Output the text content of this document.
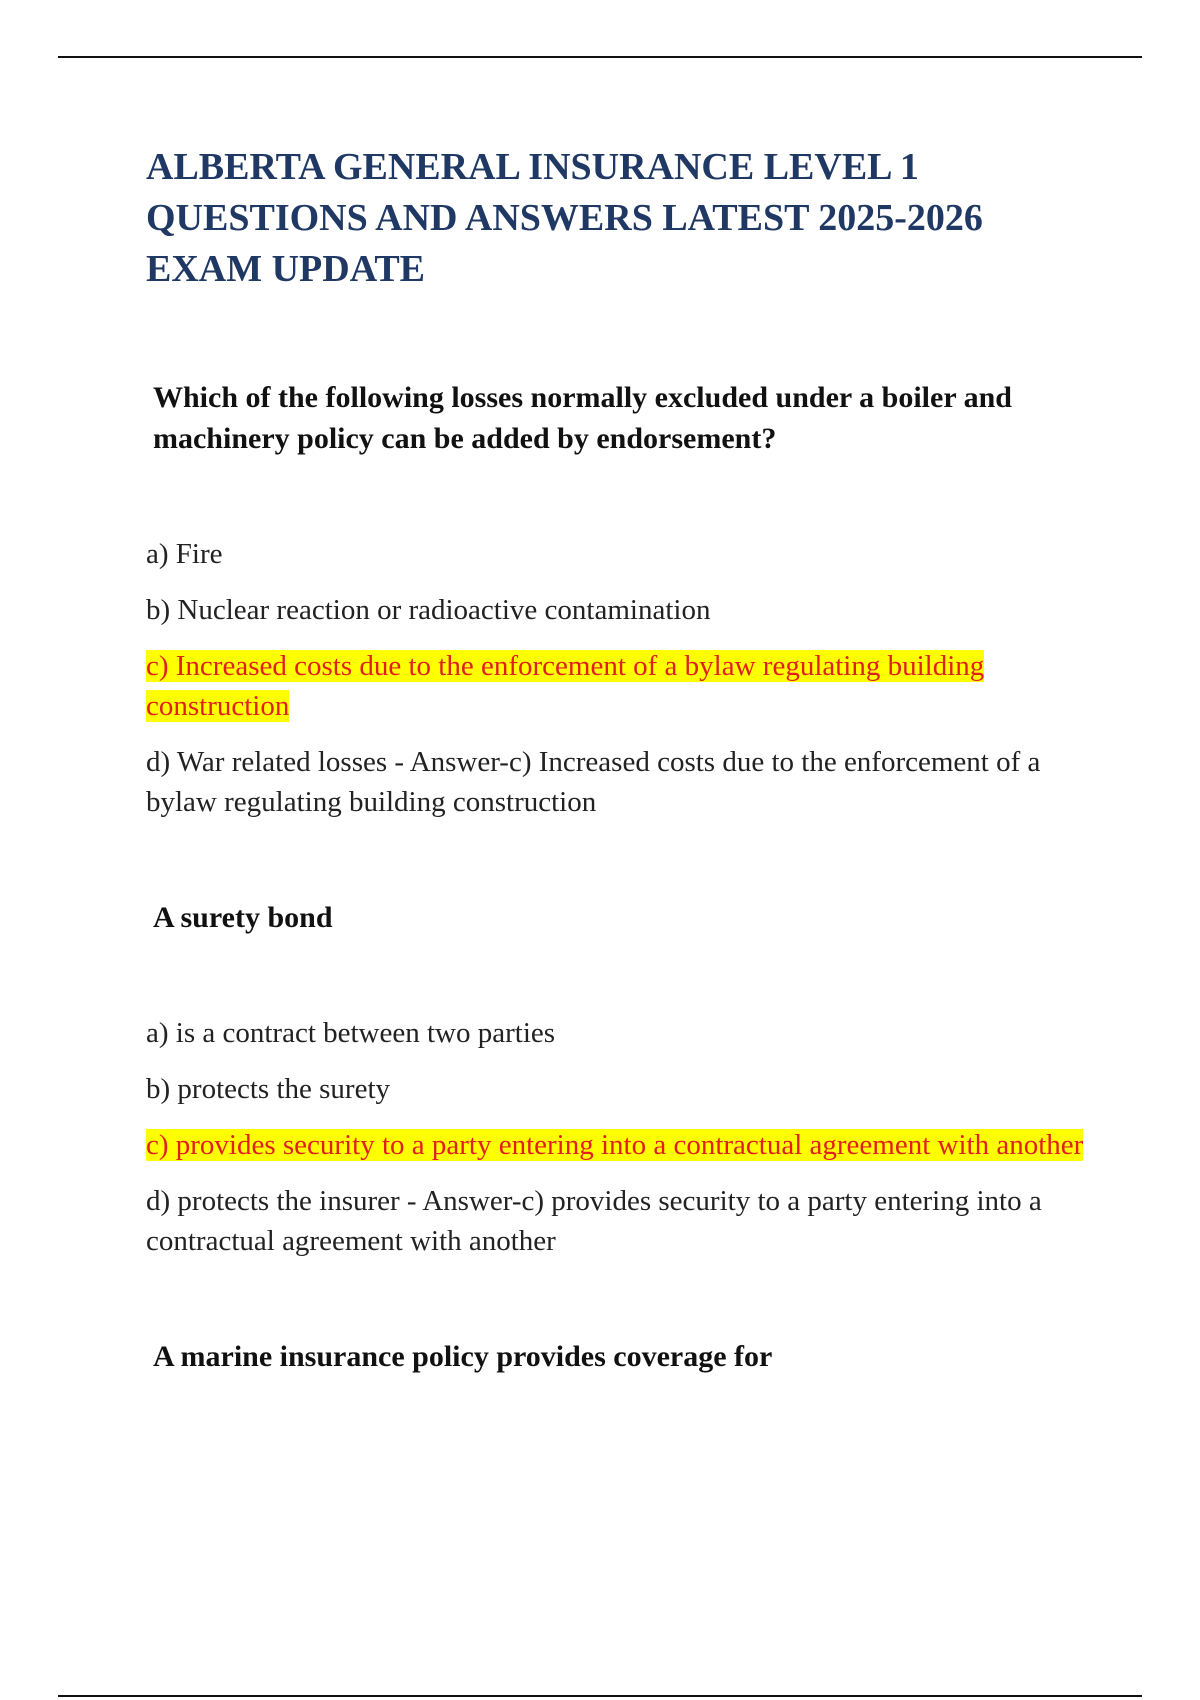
ALBERTA GENERAL INSURANCE LEVEL 1 QUESTIONS AND ANSWERS LATEST 2025-2026 EXAM UPDATE

Which of the following losses normally excluded under a boiler and machinery policy can be added by endorsement?

a) Fire

b) Nuclear reaction or radioactive contamination

c) Increased costs due to the enforcement of a bylaw regulating building construction

d) War related losses - Answer-c) Increased costs due to the enforcement of a bylaw regulating building construction

A surety bond

a) is a contract between two parties

b) protects the surety

c) provides security to a party entering into a contractual agreement with another

d) protects the insurer - Answer-c) provides security to a party entering into a contractual agreement with another

A marine insurance policy provides coverage for
